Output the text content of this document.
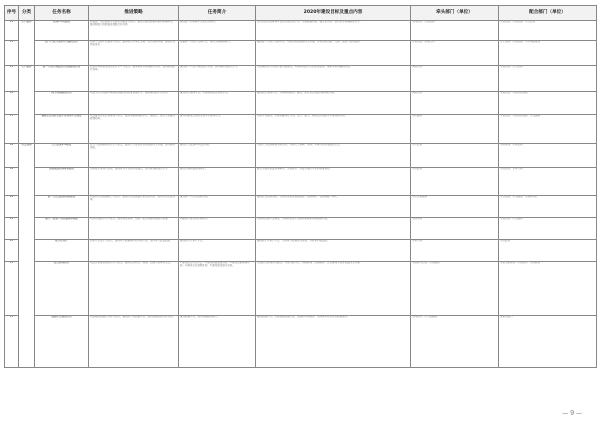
序号	分类	任务名称	推进策略	任务简介	2020年建设目标及重点内容	牵头部门（单位）	配合部门（单位）
13	生产服务	管理2.0式建设	以省级、市区两级平台和应用建设为重点，建设完善的数据采集和管理体系，推动跨部门的数据资源整合和共享。	建设统一的管理平台和应用体系。	重点完成市级管理平台的升级改造工作，完善数据采集、整合和共享，提升全市管理服务水平。	市网信办、市民政局	市发改委、市财政局、市人社局
14		新一代电力交易平台建设应用	以电力交易平台建设为重点，推进电力市场化交易，优化营商环境，降低企业用电成本。	搭建新一代电力交易平台，提升交易服务能力。	建成新一代电力交易平台，实现交易全流程线上办理，市场主体注册、交易、结算一站式服务。	市发改委、供电公司	市工信局、市财政局、市市场监管局
15	生产服务	新一代电力调度运行系统建设应用	以提升电网安全稳定运行水平为重点，推进调度系统智能化升级，提高电网运行效率。	建设新一代电力调度运行系统，提升调度智能化水平。	完成调度运行系统主要功能建设，实现电网运行状态全景监视、智能分析和辅助决策。	供电公司	市发改委、市工信局
16		网上电网建设应用	以数字化手段提升电网规划建设和运营管理水平，推进电网数字化转型。	建设网上电网平台，实现电网全业务数字化。	建成网上电网平台，实现电网规划、建设、运行全过程在线管理和分析。	供电公司	市发改委、市自然资源局
17		基建全过程综合数字化管理平台建设	以基建项目全过程管理为重点，推进基建管理数字化、智能化，提升工程建设管理效率。	建设基建全过程综合数字化管理平台。	完成平台建设，实现基建项目计划、设计、施工、验收全过程数字化管理和协同。	市住建局	市发改委、市自然资源局、市交通局
18	社会治理	人力资源2.0建设	以人力资源服务数字化为重点，推进人力资源业务全流程线上办理，提升服务效能。	建设人力资源2.0信息系统。	完成人力资源管理系统升级，实现人才招聘、培训、考核等业务全面线上化。	市人社局	市教育局、市财政局
19		多维精益管理体系建设	以精益化管理为目标，推进财务与业务深度融合，提升管理精细化水平。	建设多维精益管理体系。	建立多维度精益管理模型，实现成本、效益多维度分析和精准管控。	市财政局	市发改委、市审计局
20		新一代应急指挥系统建设	以提升应急指挥能力为重点，推进应急资源整合和信息共享，提升应急处置效率。	建设新一代应急指挥系统。	建成应急指挥系统，实现突发事件监测预警、指挥调度、资源调配一体化。	市应急管理局	市公安局、市卫健委、市消防支队
21		现代（智慧）供应链体系构建	以供应链数字化为重点，推进物资采购、仓储、配送全链条智能化管理。	构建现代智慧供应链体系。	完成供应链平台建设，实现物资全生命周期管理和供需精准对接。	市商务局	市发改委、市交通局
22		数字化审计	以审计信息化为重点，推进审计数据集中和分析应用，提升审计监督效能。	建设数字化审计平台。	建成数字化审计平台，实现审计数据在线采集、分析和问题追踪。	市审计局	市财政局
23		综合管理应用	以综合管理业务数字化为重点，推进行政办公、档案、后勤等业务线上化。	1.建设综合办公平台；2.建设档案管理系统；3.建设后勤管理系统；4.建设会议管理系统；5.建设督查督办系统。	完成综合管理应用建设，实现行政办公、档案管理、后勤服务、会议管理等业务全面线上办理。	市政府办公室、市档案局	市机关事务局、市网信办、市财政局
24		数据中台建设应用	以数据资源整合共享为重点，建设统一的数据中台，推动数据资源开发利用。	建设数据中台，提升数据服务能力。	建成数据中台，完成数据资源汇聚、治理和共享服务，支撑各类业务应用数据需求。	市网信办、市大数据局	各相关部门
— 9 —
